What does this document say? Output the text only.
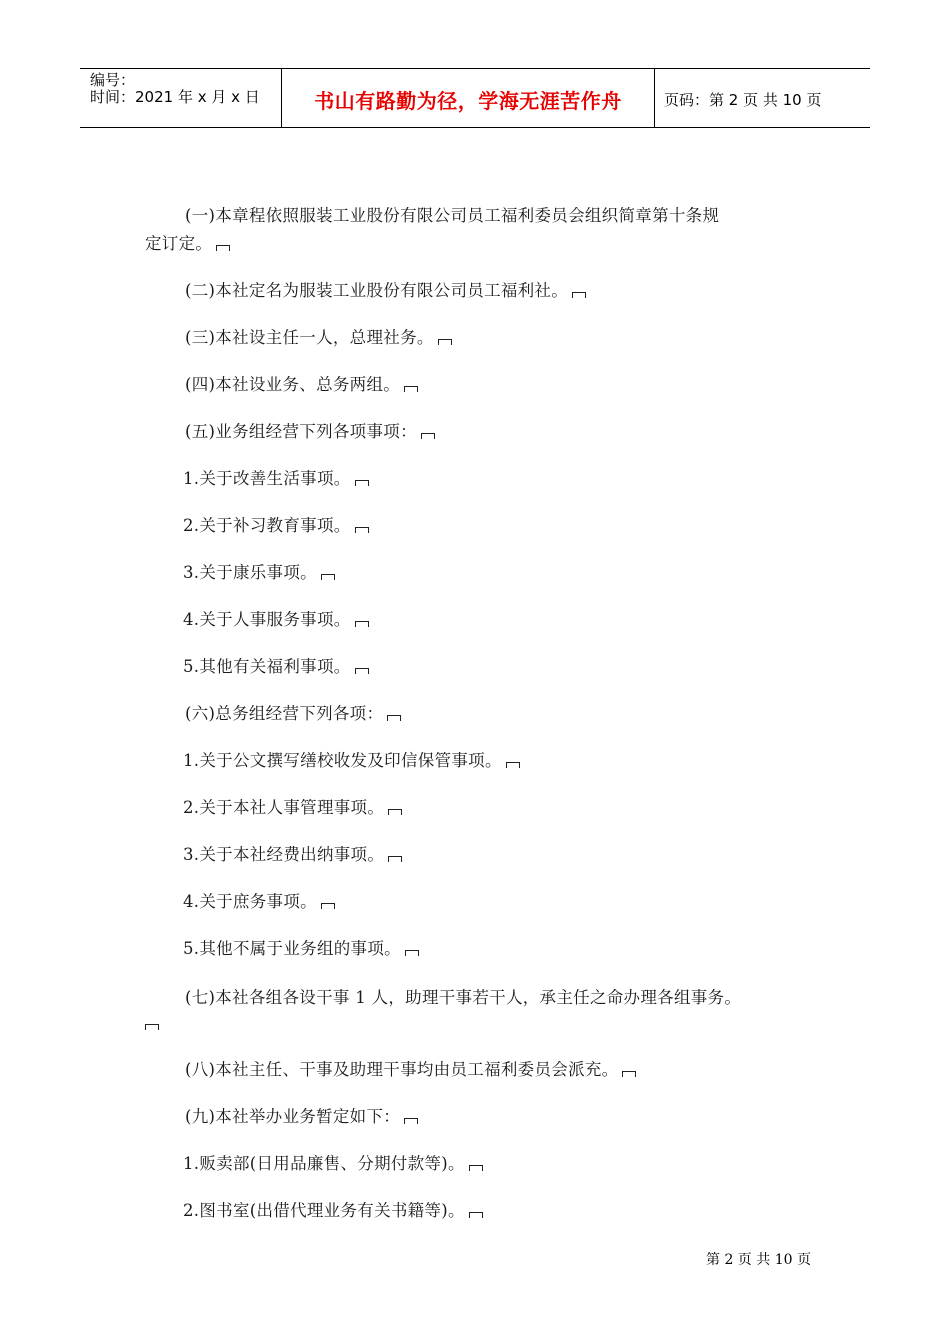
编号：
时间：2021 年 x 月 x 日	书山有路勤为径，学海无涯苦作舟	页码：第 2 页 共 10 页
(一)本章程依照服装工业股份有限公司员工福利委员会组织简章第十条规
定订定。
(二)本社定名为服装工业股份有限公司员工福利社。
(三)本社设主任一人，总理社务。
(四)本社设业务、总务两组。
(五)业务组经营下列各项事项：
1.关于改善生活事项。
2.关于补习教育事项。
3.关于康乐事项。
4.关于人事服务事项。
5.其他有关福利事项。
(六)总务组经营下列各项：
1.关于公文撰写缮校收发及印信保管事项。
2.关于本社人事管理事项。
3.关于本社经费出纳事项。
4.关于庶务事项。
5.其他不属于业务组的事项。
(七)本社各组各设干事 1 人，助理干事若干人，承主任之命办理各组事务。
(八)本社主任、干事及助理干事均由员工福利委员会派充。
(九)本社举办业务暂定如下：
1.贩卖部(日用品廉售、分期付款等)。
2.图书室(出借代理业务有关书籍等)。
第 2 页 共 10 页
